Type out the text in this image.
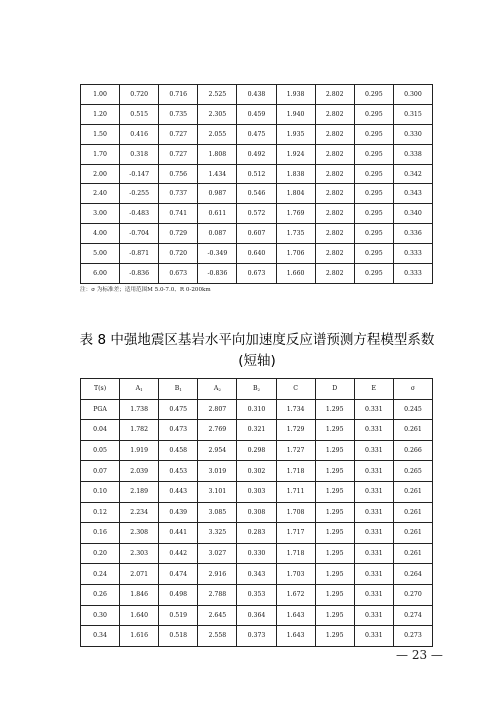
1.00	0.720	0.716	2.525	0.438	1.938	2.802	0.295	0.300
1.20	0.515	0.735	2.305	0.459	1.940	2.802	0.295	0.315
1.50	0.416	0.727	2.055	0.475	1.935	2.802	0.295	0.330
1.70	0.318	0.727	1.808	0.492	1.924	2.802	0.295	0.338
2.00	-0.147	0.756	1.434	0.512	1.838	2.802	0.295	0.342
2.40	-0.255	0.737	0.987	0.546	1.804	2.802	0.295	0.343
3.00	-0.483	0.741	0.611	0.572	1.769	2.802	0.295	0.340
4.00	-0.704	0.729	0.087	0.607	1.735	2.802	0.295	0.336
5.00	-0.871	0.720	-0.349	0.640	1.706	2.802	0.295	0.333
6.00	-0.836	0.673	-0.836	0.673	1.660	2.802	0.295	0.333
注：σ 为标准差；适用范围M 5.0-7.0、R 0-200km
表 8 中强地震区基岩水平向加速度反应谱预测方程模型系数(短轴)
T(s)	$A_1$	$B_1$	$A_2$	$B_2$	C	D	E	σ
PGA	1.738	0.475	2.807	0.310	1.734	1.295	0.331	0.245
0.04	1.782	0.473	2.769	0.321	1.729	1.295	0.331	0.261
0.05	1.919	0.458	2.954	0.298	1.727	1.295	0.331	0.266
0.07	2.039	0.453	3.019	0.302	1.718	1.295	0.331	0.265
0.10	2.189	0.443	3.101	0.303	1.711	1.295	0.331	0.261
0.12	2.234	0.439	3.085	0.308	1.708	1.295	0.331	0.261
0.16	2.308	0.441	3.325	0.283	1.717	1.295	0.331	0.261
0.20	2.303	0.442	3.027	0.330	1.718	1.295	0.331	0.261
0.24	2.071	0.474	2.916	0.343	1.703	1.295	0.331	0.264
0.26	1.846	0.498	2.788	0.353	1.672	1.295	0.331	0.270
0.30	1.640	0.519	2.645	0.364	1.643	1.295	0.331	0.274
0.34	1.616	0.518	2.558	0.373	1.643	1.295	0.331	0.273
— 23 —
